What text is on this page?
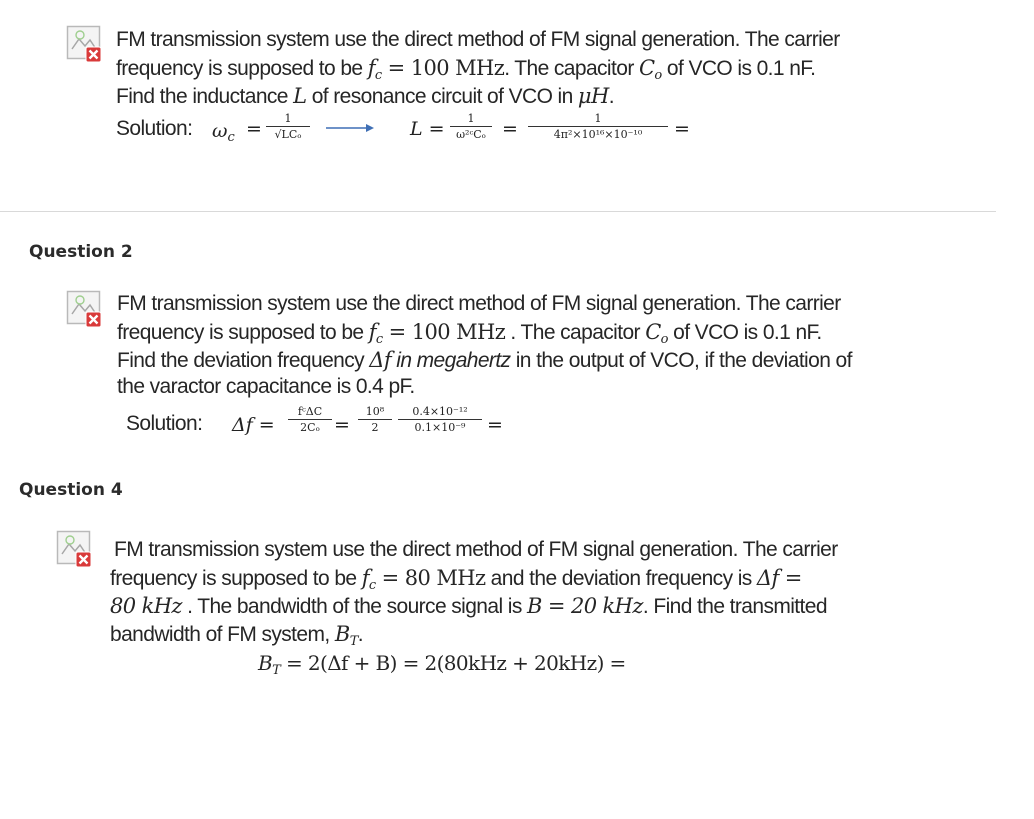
FM transmission system use the direct method of FM signal generation. The carrier
frequency is supposed to be $f_c = 100$ MHz. The capacitor $C_o$ of VCO is 0.1 nF.
Find the inductance L of resonance circuit of VCO in μH.
Solution: $\omega_c$ =	1
√LCₒ	L =	1
ω²ᶜCₒ =	1
4π²×10¹⁶×10⁻¹⁰	=
Question 2
FM transmission system use the direct method of FM signal generation. The carrier
frequency is supposed to be $f_c = 100$ MHz . The capacitor $C_o$ of VCO is 0.1 nF.
Find the deviation frequency Δf in megahertz in the output of VCO, if the deviation of
the varactor capacitance is 0.4 pF.
Solution: Δf =
fᶜΔC
2Cₒ =
10⁸
2
0.4×10⁻¹²
0.1×10⁻⁹	=
Question 4
FM transmission system use the direct method of FM signal generation. The carrier
frequency is supposed to be $f_c = 80$ MHz and the deviation frequency is Δf =
80 kHz . The bandwidth of the source signal is B = 20 kHz. Find the transmitted
bandwidth of FM system, $B_T$.
$B_T = 2(\Delta f + B) = 2(80kHz + 20kHz)$ =
